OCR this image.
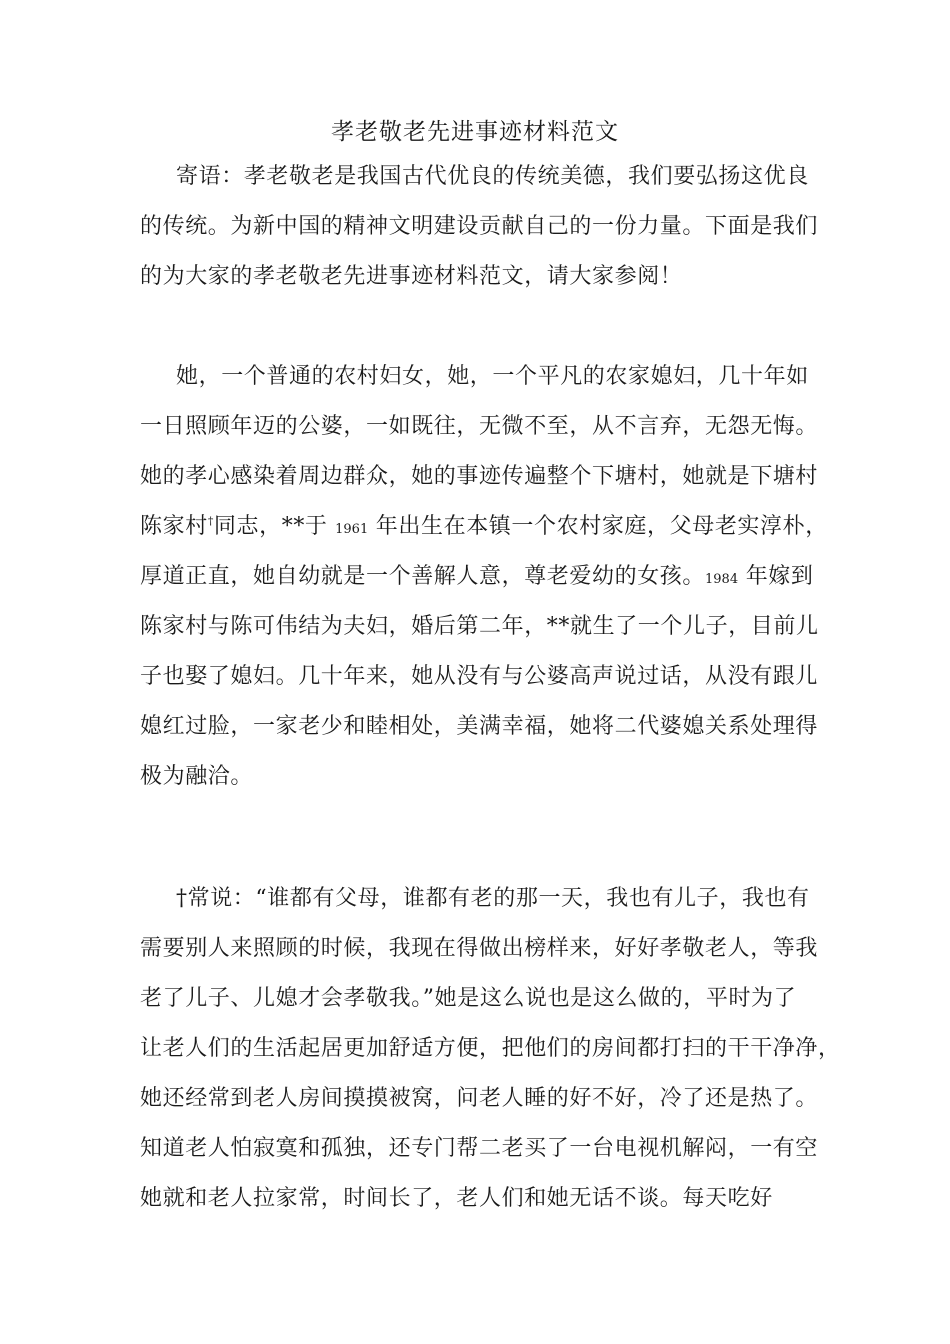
孝老敬老先进事迹材料范文
寄语：孝老敬老是我国古代优良的传统美德，我们要弘扬这优良
的传统。为新中国的精神文明建设贡献自己的一份力量。下面是我们
的为大家的孝老敬老先进事迹材料范文，请大家参阅！
她，一个普通的农村妇女，她，一个平凡的农家媳妇，几十年如
一日照顾年迈的公婆，一如既往，无微不至，从不言弃，无怨无悔。
她的孝心感染着周边群众，她的事迹传遍整个下塘村，她就是下塘村
陈家村†同志，**于 1961 年出生在本镇一个农村家庭，父母老实淳朴，
厚道正直，她自幼就是一个善解人意，尊老爱幼的女孩。1984 年嫁到
陈家村与陈可伟结为夫妇，婚后第二年，**就生了一个儿子，目前儿
子也娶了媳妇。几十年来，她从没有与公婆高声说过话，从没有跟儿
媳红过脸，一家老少和睦相处，美满幸福，她将二代婆媳关系处理得
极为融洽。
†常说：“谁都有父母，谁都有老的那一天，我也有儿子，我也有
需要别人来照顾的时候，我现在得做出榜样来，好好孝敬老人，等我
老了儿子、儿媳才会孝敬我。”她是这么说也是这么做的，平时为了
让老人们的生活起居更加舒适方便，把他们的房间都打扫的干干净净，
她还经常到老人房间摸摸被窝，问老人睡的好不好，冷了还是热了。
知道老人怕寂寞和孤独，还专门帮二老买了一台电视机解闷，一有空
她就和老人拉家常，时间长了，老人们和她无话不谈。每天吃好
